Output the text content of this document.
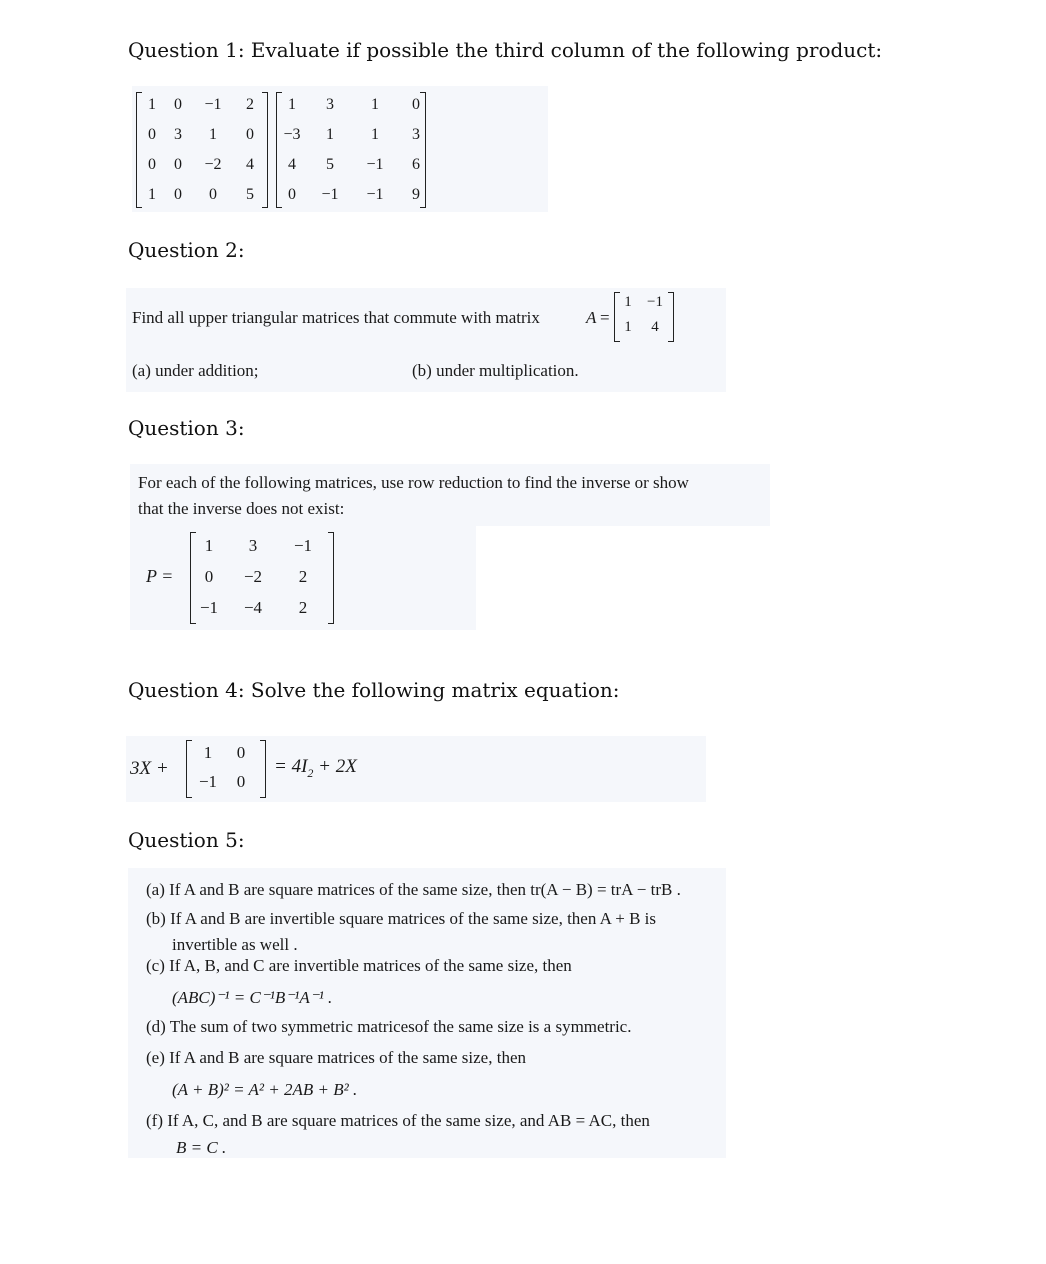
Question 1: Evaluate if possible the third column of the following product:
1	0	−1	2
0	3	1	0
0	0	−2	4
1	0	0	5
1	3	1	0
−3	1	1	3
4	5	−1	6
0	−1	−1	9
Question 2:
Find all upper triangular matrices that commute with matrix	A =
1	−1
1	4
(a) under addition;	(b) under multiplication.
Question 3:
For each of the following matrices, use row reduction to find the inverse or show
that the inverse does not exist:
P =
1	3	−1
0	−2	2
−1	−4	2
Question 4: Solve the following matrix equation:
3X +
1	0
−1	0
= $4I_2 + 2X$
Question 5:
(a) If A and B are square matrices of the same size, then tr(A − B) = trA − trB .
(b) If A and B are invertible square matrices of the same size, then A + B is
invertible as well .
(c) If A, B, and C are invertible matrices of the same size, then
(ABC)⁻¹ = C⁻¹B⁻¹A⁻¹ .
(d) The sum of two symmetric matricesof the same size is a symmetric.
(e) If A and B are square matrices of the same size, then
(A + B)² = A² + 2AB + B² .
(f) If A, C, and B are square matrices of the same size, and AB = AC, then
B = C .
